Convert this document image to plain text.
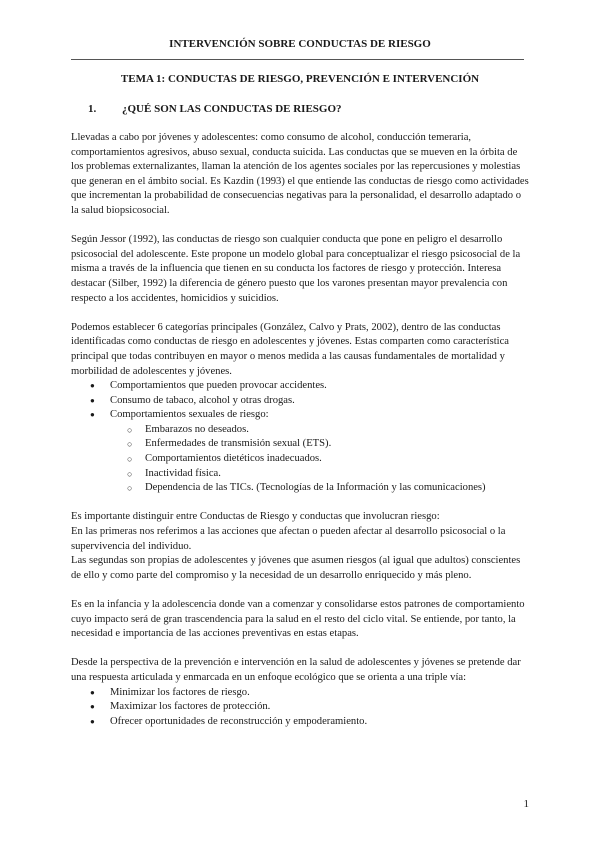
INTERVENCIÓN SOBRE CONDUCTAS DE RIESGO
TEMA 1: CONDUCTAS DE RIESGO, PREVENCIÓN E INTERVENCIÓN
1. ¿QUÉ SON LAS CONDUCTAS DE RIESGO?

Llevadas a cabo por jóvenes y adolescentes: como consumo de alcohol, conducción temeraria, comportamientos agresivos, abuso sexual, conducta suicida. Las conductas que se mueven en la órbita de los problemas externalizantes, llaman la atención de los agentes sociales por las repercusiones y molestias que generan en el ámbito social. Es Kazdin (1993) el que entiende las conductas de riesgo como actividades que incrementan la probabilidad de consecuencias negativas para la personalidad, el desarrollo adaptado o la salud biopsicosocial.

Según Jessor (1992), las conductas de riesgo son cualquier conducta que pone en peligro el desarrollo psicosocial del adolescente. Este propone un modelo global para conceptualizar el riesgo psicosocial de la misma a través de la influencia que tienen en su conducta los factores de riesgo y protección. Interesa destacar (Silber, 1992) la diferencia de género puesto que los varones presentan mayor prevalencia con respecto a los accidentes, homicidios y suicidios.

Podemos establecer 6 categorías principales (González, Calvo y Prats, 2002), dentro de las conductas identificadas como conductas de riesgo en adolescentes y jóvenes. Estas comparten como característica principal que todas contribuyen en mayor o menos medida a las causas fundamentales de mortalidad y morbilidad de adolescentes y jóvenes.

● Comportamientos que pueden provocar accidentes.
● Consumo de tabaco, alcohol y otras drogas.
● Comportamientos sexuales de riesgo:
○ Embarazos no deseados.
○ Enfermedades de transmisión sexual (ETS).
○ Comportamientos dietéticos inadecuados.
○ Inactividad física.
○ Dependencia de las TICs. (Tecnologías de la Información y las comunicaciones)

Es importante distinguir entre Conductas de Riesgo y conductas que involucran riesgo:

En las primeras nos referimos a las acciones que afectan o pueden afectar al desarrollo psicosocial o la supervivencia del individuo.

Las segundas son propias de adolescentes y jóvenes que asumen riesgos (al igual que adultos) conscientes de ello y como parte del compromiso y la necesidad de un desarrollo enriquecido y más pleno.

Es en la infancia y la adolescencia donde van a comenzar y consolidarse estos patrones de comportamiento cuyo impacto será de gran trascendencia para la salud en el resto del ciclo vital. Se entiende, por tanto, la necesidad e importancia de las acciones preventivas en estas etapas.

Desde la perspectiva de la prevención e intervención en la salud de adolescentes y jóvenes se pretende dar una respuesta articulada y enmarcada en un enfoque ecológico que se orienta a una triple vía:

● Minimizar los factores de riesgo.
● Maximizar los factores de protección.
● Ofrecer oportunidades de reconstrucción y empoderamiento.
1
